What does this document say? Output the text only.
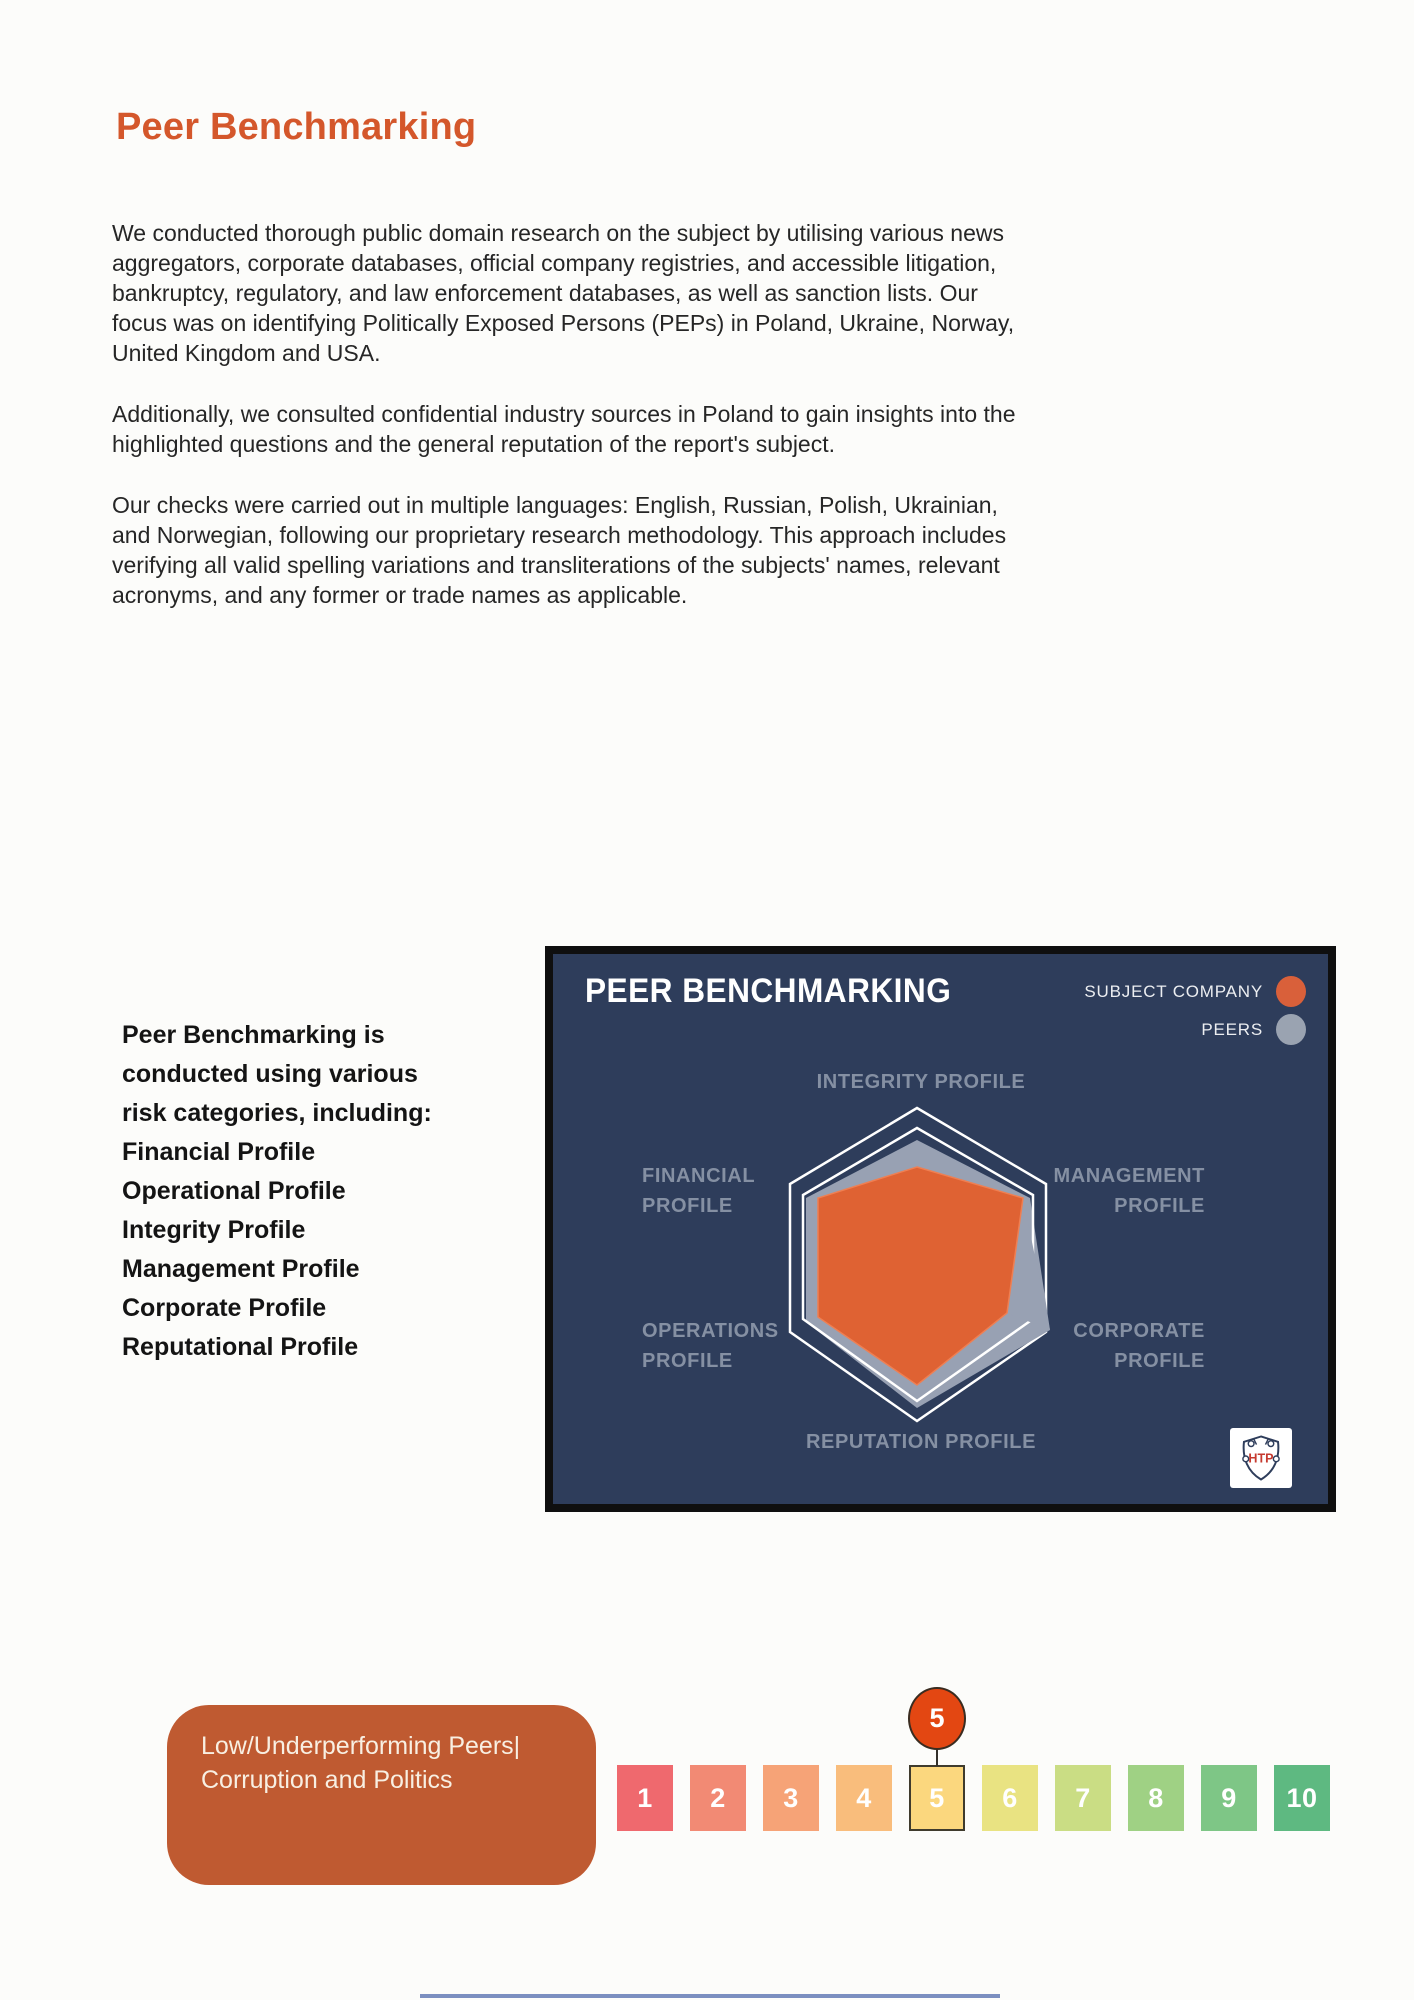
Peer Benchmarking

We conducted thorough public domain research on the subject by utilising various news aggregators, corporate databases, official company registries, and accessible litigation, bankruptcy, regulatory, and law enforcement databases, as well as sanction lists. Our focus was on identifying Politically Exposed Persons (PEPs) in Poland, Ukraine, Norway, United Kingdom and USA.

Additionally, we consulted confidential industry sources in Poland to gain insights into the highlighted questions and the general reputation of the report's subject.

Our checks were carried out in multiple languages: English, Russian, Polish, Ukrainian, and Norwegian, following our proprietary research methodology. This approach includes verifying all valid spelling variations and transliterations of the subjects' names, relevant acronyms, and any former or trade names as applicable.

Peer Benchmarking is conducted using various risk categories, including:
Financial Profile
Operational Profile
Integrity Profile
Management Profile
Corporate Profile
Reputational Profile
PEER BENCHMARKING	SUBJECT COMPANY
PEERS
INTEGRITY PROFILE
FINANCIAL
PROFILE
MANAGEMENT
PROFILE
OPERATIONS
PROFILE
CORPORATE
PROFILE
REPUTATION PROFILE
HTP
Low/Underperforming Peers| Corruption and Politics
1	2	3	4	5	6	7	8	9	10
5
